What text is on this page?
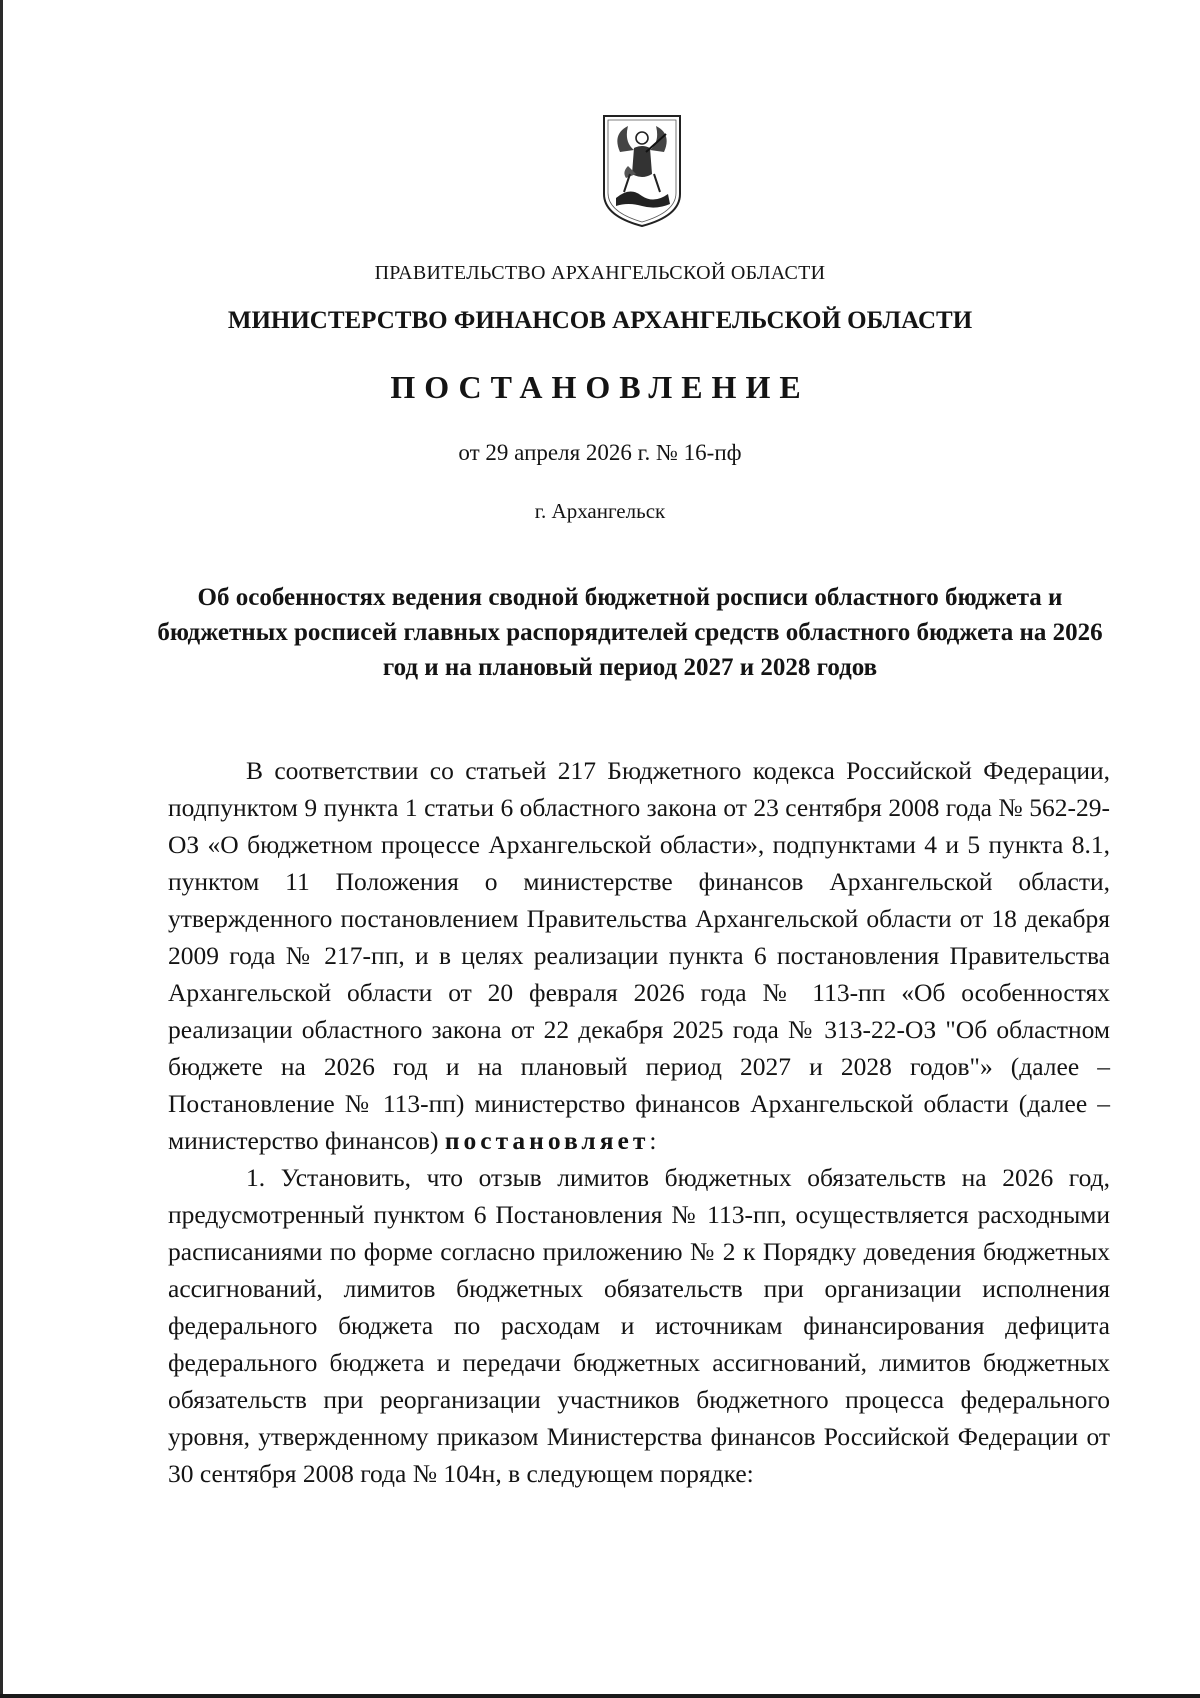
ПРАВИТЕЛЬСТВО АРХАНГЕЛЬСКОЙ ОБЛАСТИ
МИНИСТЕРСТВО ФИНАНСОВ АРХАНГЕЛЬСКОЙ ОБЛАСТИ
ПОСТАНОВЛЕНИЕ
от 29 апреля 2026 г. № 16-пф
г. Архангельск
Об особенностях ведения сводной бюджетной росписи областного бюджета и бюджетных росписей главных распорядителей средств областного бюджета на 2026 год и на плановый период 2027 и 2028 годов

В соответствии со статьей 217 Бюджетного кодекса Российской Федерации, подпунктом 9 пункта 1 статьи 6 областного закона от 23 сентября 2008 года № 562-29-ОЗ «О бюджетном процессе Архангельской области», подпунктами 4 и 5 пункта 8.1, пунктом 11 Положения о министерстве финансов Архангельской области, утвержденного постановлением Правительства Архангельской области от 18 декабря 2009 года № 217-пп, и в целях реализации пункта 6 постановления Правительства Архангельской области от 20 февраля 2026 года № 113-пп «Об особенностях реализации областного закона от 22 декабря 2025 года № 313-22-ОЗ "Об областном бюджете на 2026 год и на плановый период 2027 и 2028 годов"» (далее – Постановление № 113-пп) министерство финансов Архангельской области (далее – министерство финансов) постановляет:

1. Установить, что отзыв лимитов бюджетных обязательств на 2026 год, предусмотренный пунктом 6 Постановления № 113-пп, осуществляется расходными расписаниями по форме согласно приложению № 2 к Порядку доведения бюджетных ассигнований, лимитов бюджетных обязательств при организации исполнения федерального бюджета по расходам и источникам финансирования дефицита федерального бюджета и передачи бюджетных ассигнований, лимитов бюджетных обязательств при реорганизации участников бюджетного процесса федерального уровня, утвержденному приказом Министерства финансов Российской Федерации от 30 сентября 2008 года № 104н, в следующем порядке:
